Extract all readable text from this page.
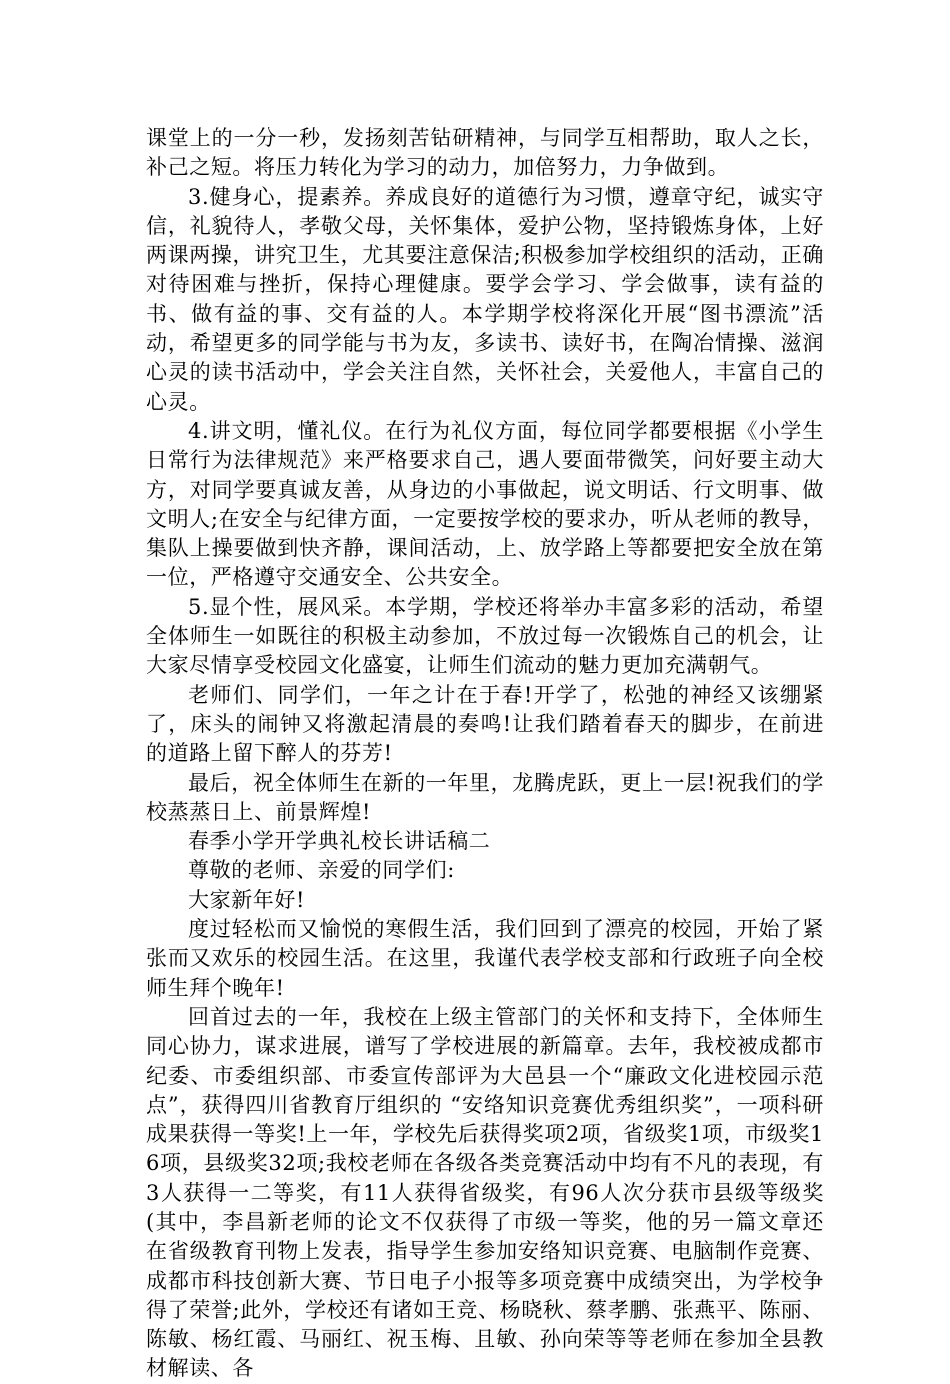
课堂上的一分一秒，发扬刻苦钻研精神，与同学互相帮助，取人之长，补己之短。将压力转化为学习的动力，加倍努力，力争做到。

3.健身心，提素养。养成良好的道德行为习惯，遵章守纪，诚实守信，礼貌待人，孝敬父母，关怀集体，爱护公物，坚持锻炼身体，上好两课两操，讲究卫生，尤其要注意保洁;积极参加学校组织的活动，正确对待困难与挫折，保持心理健康。要学会学习、学会做事，读有益的书、做有益的事、交有益的人。本学期学校将深化开展“图书漂流”活动，希望更多的同学能与书为友，多读书、读好书，在陶冶情操、滋润心灵的读书活动中，学会关注自然，关怀社会，关爱他人，丰富自己的心灵。

4.讲文明，懂礼仪。在行为礼仪方面，每位同学都要根据《小学生日常行为法律规范》来严格要求自己，遇人要面带微笑，问好要主动大方，对同学要真诚友善，从身边的小事做起，说文明话、行文明事、做文明人;在安全与纪律方面，一定要按学校的要求办，听从老师的教导，集队上操要做到快齐静，课间活动，上、放学路上等都要把安全放在第一位，严格遵守交通安全、公共安全。

5.显个性，展风采。本学期，学校还将举办丰富多彩的活动，希望全体师生一如既往的积极主动参加，不放过每一次锻炼自己的机会，让大家尽情享受校园文化盛宴，让师生们流动的魅力更加充满朝气。

老师们、同学们，一年之计在于春!开学了，松弛的神经又该绷紧了，床头的闹钟又将激起清晨的奏鸣!让我们踏着春天的脚步，在前进的道路上留下醉人的芬芳!

最后，祝全体师生在新的一年里，龙腾虎跃，更上一层!祝我们的学校蒸蒸日上、前景辉煌!

春季小学开学典礼校长讲话稿二

尊敬的老师、亲爱的同学们:

大家新年好!

度过轻松而又愉悦的寒假生活，我们回到了漂亮的校园，开始了紧张而又欢乐的校园生活。在这里，我谨代表学校支部和行政班子向全校师生拜个晚年!

回首过去的一年，我校在上级主管部门的关怀和支持下，全体师生同心协力，谋求进展，谱写了学校进展的新篇章。去年，我校被成都市纪委、市委组织部、市委宣传部评为大邑县一个“廉政文化进校园示范点”，获得四川省教育厅组织的 “安络知识竞赛优秀组织奖”，一项科研成果获得一等奖!上一年，学校先后获得奖项2项，省级奖1项，市级奖16项，县级奖32项;我校老师在各级各类竞赛活动中均有不凡的表现，有3人获得一二等奖，有11人获得省级奖，有96人次分获市县级等级奖(其中，李昌新老师的论文不仅获得了市级一等奖，他的另一篇文章还在省级教育刊物上发表，指导学生参加安络知识竞赛、电脑制作竞赛、成都市科技创新大赛、节日电子小报等多项竞赛中成绩突出，为学校争得了荣誉;此外，学校还有诸如王竞、杨晓秋、蔡孝鹏、张燕平、陈丽、陈敏、杨红霞、马丽红、祝玉梅、且敏、孙向荣等等老师在参加全县教材解读、各
